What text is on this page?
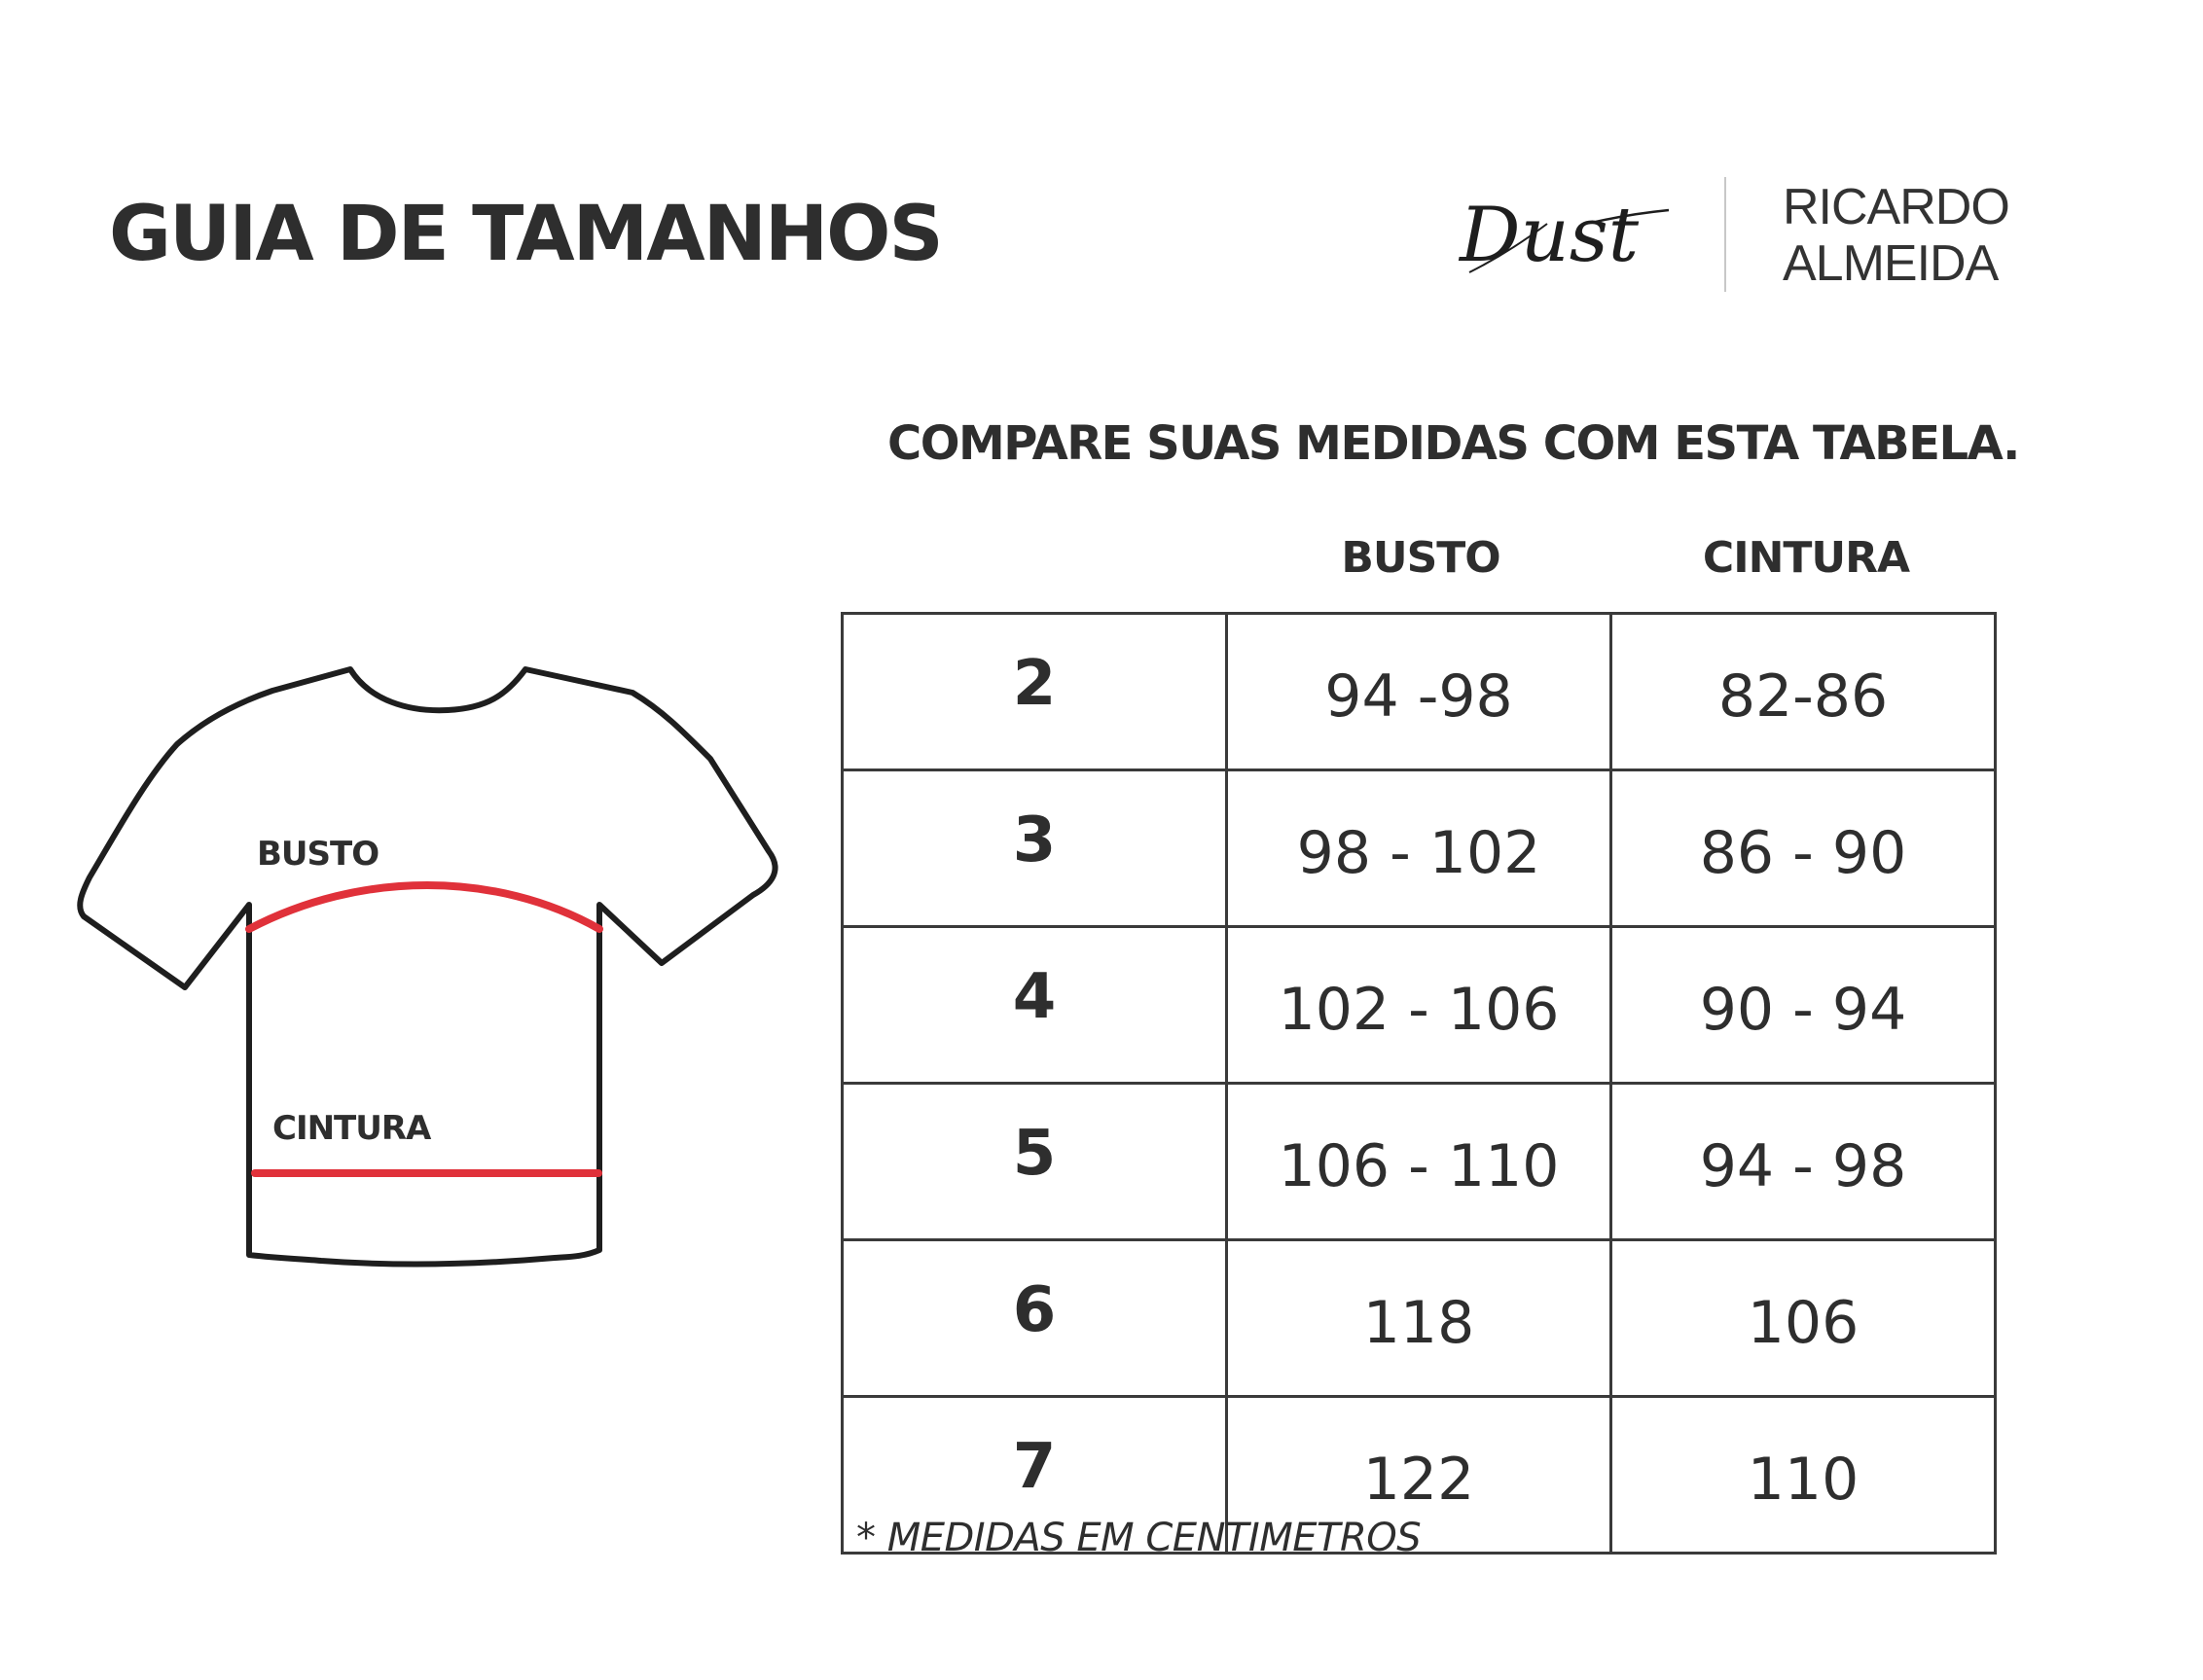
GUIA DE TAMANHOS	Dust	RICARDO
ALMEIDA
COMPARE SUAS MEDIDAS COM ESTA TABELA.
BUSTO	CINTURA
2	94 -98	82-86
3	98 - 102	86 - 90
4	102 - 106	90 - 94
5	106 - 110	94 - 98
6	118	106
7	122	110
* MEDIDAS EM CENTIMETROS
BUSTO
CINTURA
